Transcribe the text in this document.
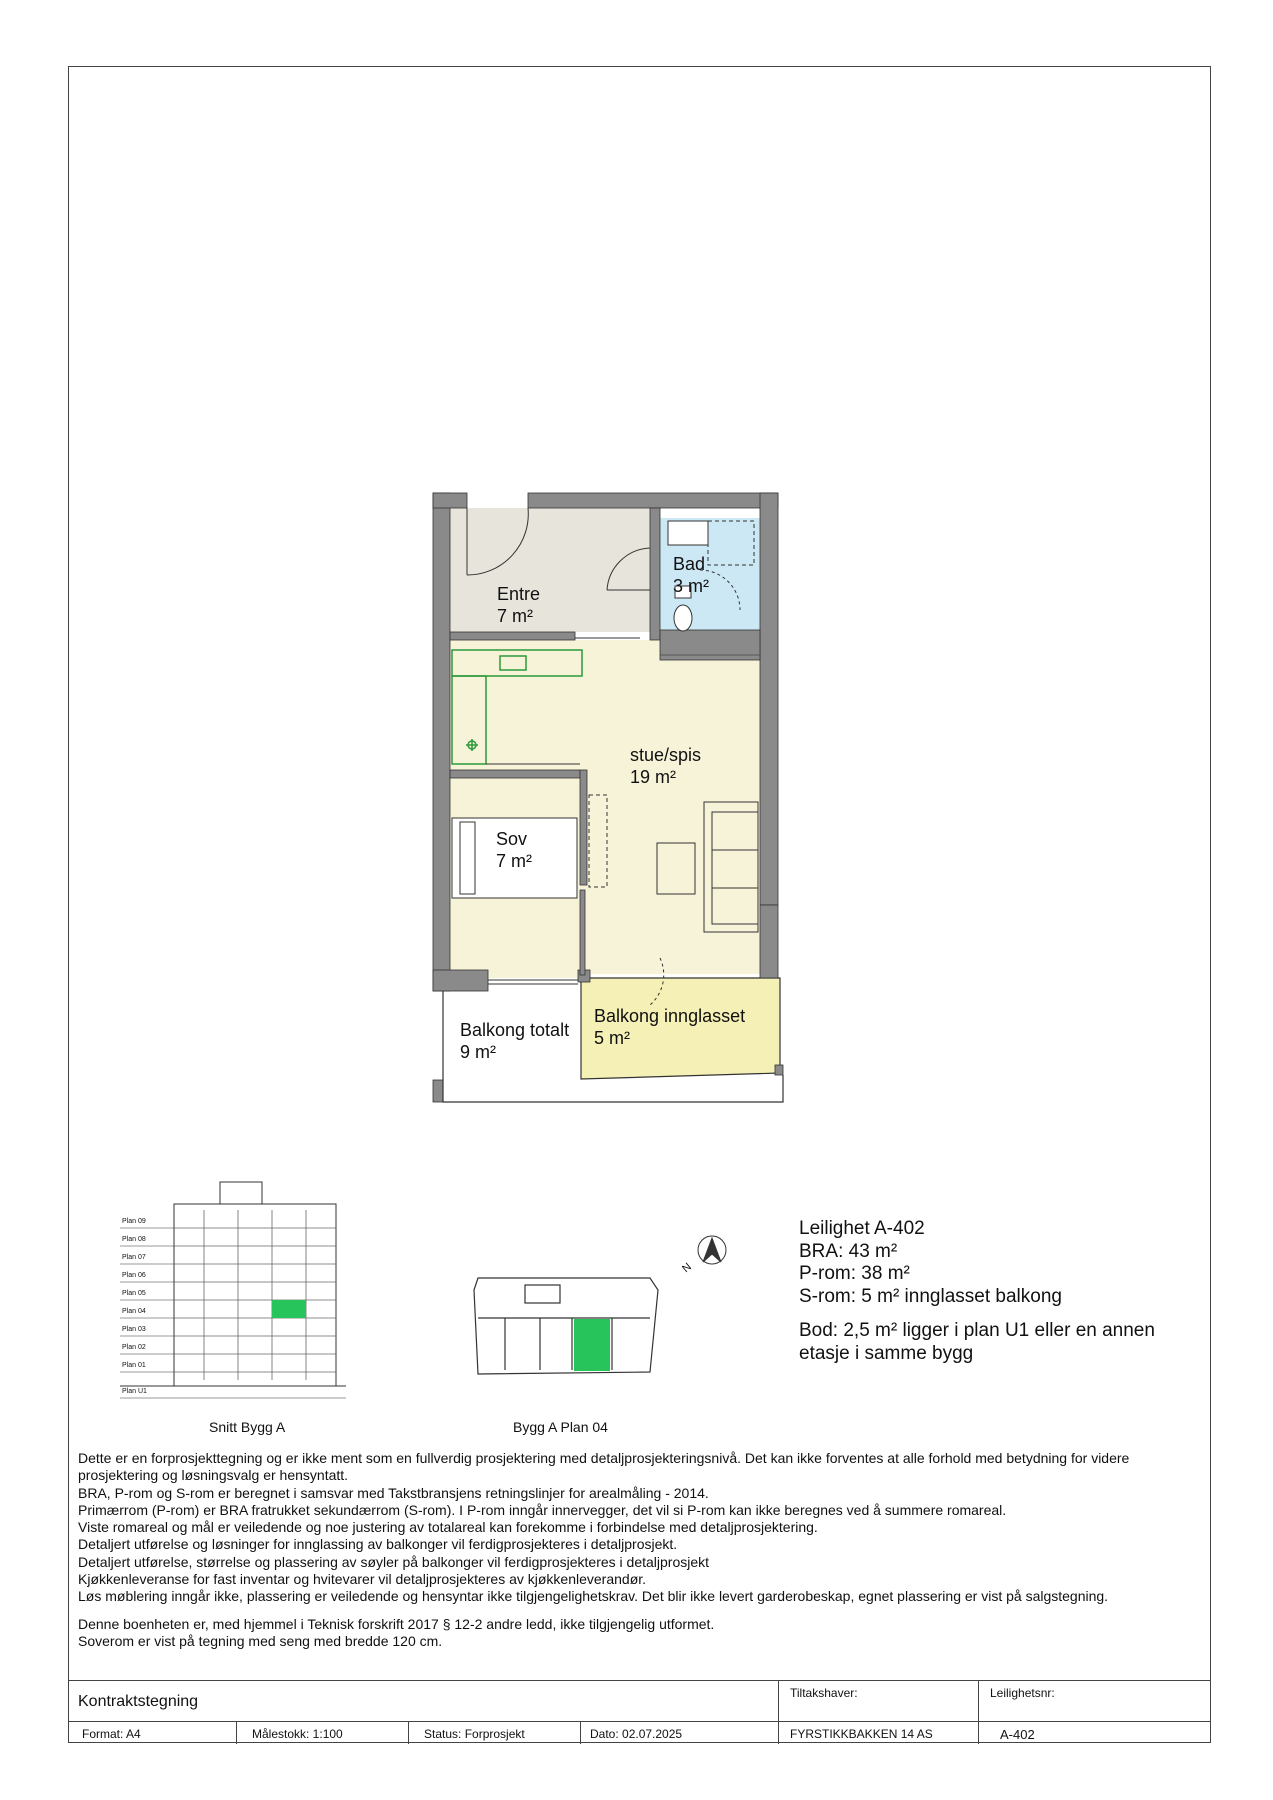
Entre
7 m²
Bad
3 m²
stue/spis
19 m²
Sov
7 m²
Balkong totalt
9 m²
Balkong innglasset
5 m²
Plan 09
Plan 08
Plan 07
Plan 06
Plan 05
Plan 04
Plan 03
Plan 02
Plan 01
Plan U1
Snitt Bygg A	Bygg A Plan 04
N
Leilighet A-402
BRA: 43 m²
P-rom: 38 m²
S-rom: 5 m² innglasset balkong
Bod: 2,5 m² ligger i plan U1 eller en annen
etasje i samme bygg

Dette er en forprosjekttegning og er ikke ment som en fullverdig prosjektering med detaljprosjekteringsnivå. Det kan ikke forventes at alle forhold med betydning for videre

prosjektering og løsningsvalg er hensyntatt.

BRA, P-rom og S-rom er beregnet i samsvar med Takstbransjens retningslinjer for arealmåling - 2014.

Primærrom (P-rom) er BRA fratrukket sekundærrom (S-rom). I P-rom inngår innervegger, det vil si P-rom kan ikke beregnes ved å summere romareal.

Viste romareal og mål er veiledende og noe justering av totalareal kan forekomme i forbindelse med detaljprosjektering.

Detaljert utførelse og løsninger for innglassing av balkonger vil ferdigprosjekteres i detaljprosjekt.

Detaljert utførelse, størrelse og plassering av søyler på balkonger vil ferdigprosjekteres i detaljprosjekt

Kjøkkenleveranse for fast inventar og hvitevarer vil detaljprosjekteres av kjøkkenleverandør.

Løs møblering inngår ikke, plassering er veiledende og hensyntar ikke tilgjengelighetskrav. Det blir ikke levert garderobeskap, egnet plassering er vist på salgstegning.

Denne boenheten er, med hjemmel i Teknisk forskrift 2017 § 12-2 andre ledd, ikke tilgjengelig utformet.

Soverom er vist på tegning med seng med bredde 120 cm.

Kontraktstegning	Tiltakshaver:	Leilighetsnr:
Format: A4	Målestokk: 1:100	Status: Forprosjekt	Dato: 02.07.2025	FYRSTIKKBAKKEN 14 AS	A-402
